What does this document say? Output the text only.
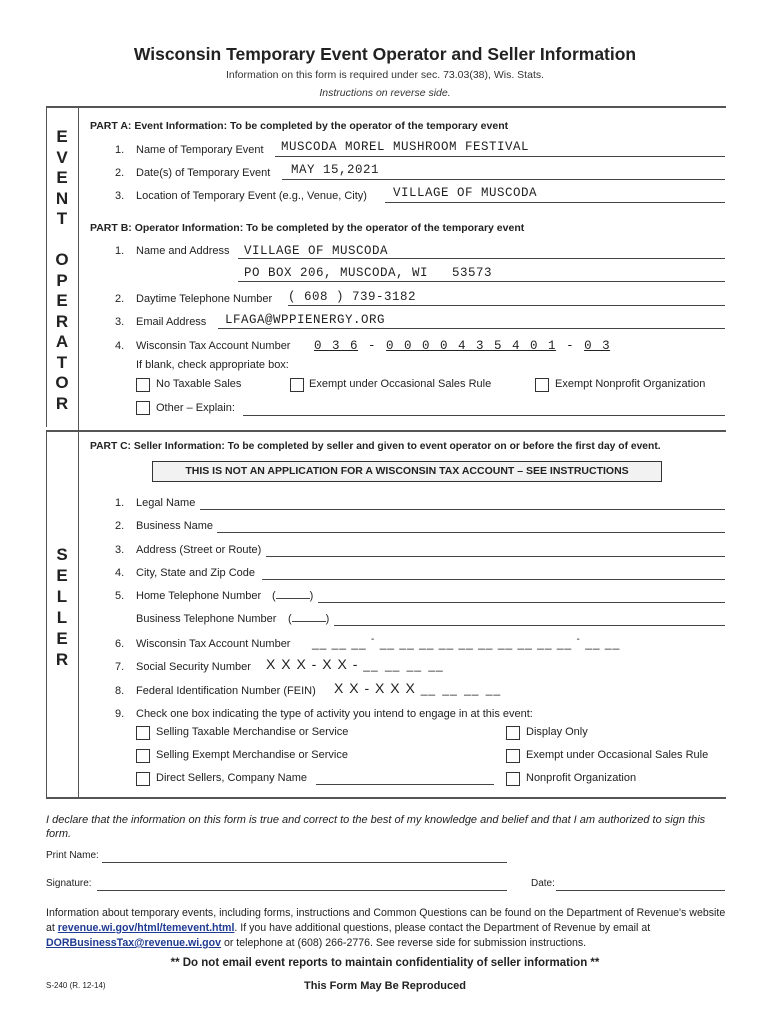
Wisconsin Temporary Event Operator and Seller Information
Information on this form is required under sec. 73.03(38), Wis. Stats.
Instructions on reverse side.
E
V
E
N
T
O
P
E
R
A
T
O
R
S
E
L
L
E
R
PART A: Event Information: To be completed by the operator of the temporary event
1. Name of Temporary Event MUSCODA MOREL MUSHROOM FESTIVAL
2. Date(s) of Temporary Event MAY 15,2021
3. Location of Temporary Event (e.g., Venue, City) VILLAGE OF MUSCODA
PART B: Operator Information: To be completed by the operator of the temporary event
1. Name and Address VILLAGE OF MUSCODA
PO BOX 206, MUSCODA, WI   53573
2. Daytime Telephone Number ( 608 ) 739-3182
3. Email Address LFAGA@WPPIENERGY.ORG
4. Wisconsin Tax Account Number 0 3 6 - 0 0 0 0 4 3 5 4 0 1 - 0 3
If blank, check appropriate box:
No Taxable Sales	Exempt under Occasional Sales Rule	Exempt Nonprofit Organization
Other – Explain:
PART C: Seller Information: To be completed by seller and given to event operator on or before the first day of event.
THIS IS NOT AN APPLICATION FOR A WISCONSIN TAX ACCOUNT – SEE INSTRUCTIONS
1. Legal Name
2. Business Name
3. Address (Street or Route)
4. City, State and Zip Code
5. Home Telephone Number (	)
Business Telephone Number (	)
6. Wisconsin Tax Account Number __ __ __ - __ __ __ __ __ __ __ __ __ __ - __ __
7. Social Security Number X X X - X X - __ __ __ __
8. Federal Identification Number (FEIN) X X - X X X __ __ __ __
9. Check one box indicating the type of activity you intend to engage in at this event:
Selling Taxable Merchandise or Service	Display Only
Selling Exempt Merchandise or Service	Exempt under Occasional Sales Rule
Direct Sellers, Company Name	Nonprofit Organization
I declare that the information on this form is true and correct to the best of my knowledge and belief and that I am authorized to sign this form.
Print Name:
Signature:	Date:
Information about temporary events, including forms, instructions and Common Questions can be found on the Department of Revenue's website at revenue.wi.gov/html/temevent.html. If you have additional questions, please contact the Department of Revenue by email at DORBusinessTax@revenue.wi.gov or telephone at (608) 266-2776. See reverse side for submission instructions.
** Do not email event reports to maintain confidentiality of seller information **
S-240 (R. 12-14)	This Form May Be Reproduced
